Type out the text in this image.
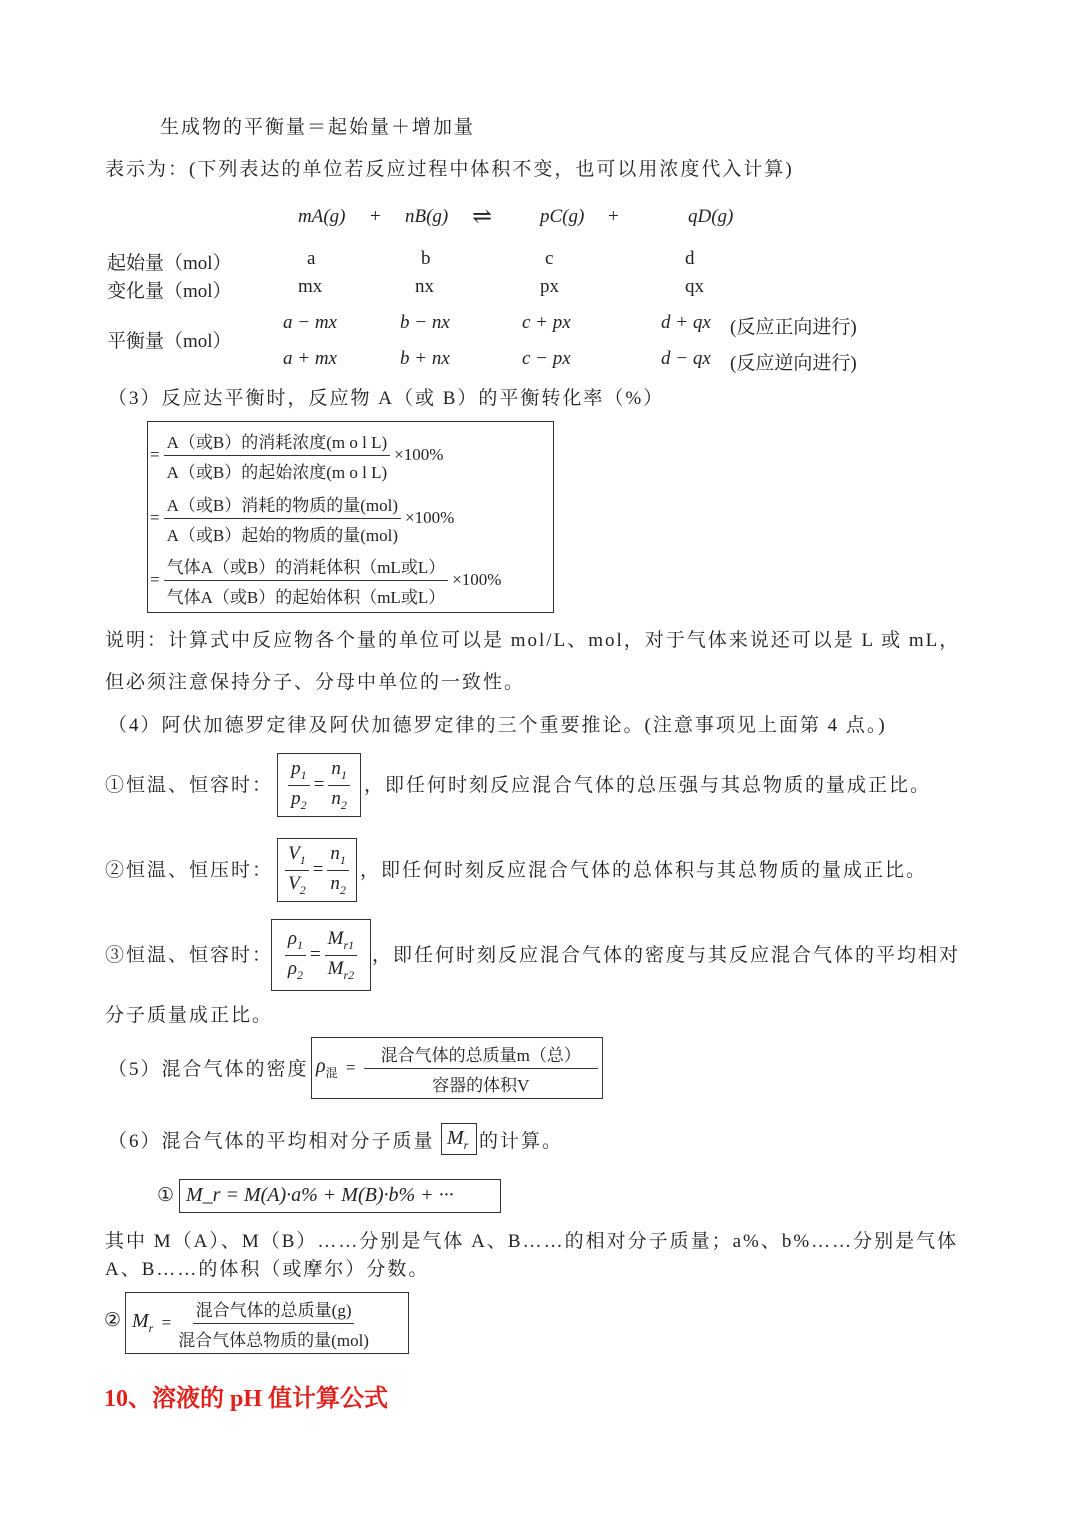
生成物的平衡量＝起始量＋增加量
表示为：(下列表达的单位若反应过程中体积不变，也可以用浓度代入计算)
mA(g) + nB(g) ⇌	pC(g) +	qD(g)
起始量（mol）	a	b	c	d
变化量（mol）	mx	nx	px	qx
平衡量（mol）
a − mx	b − nx	c + px	d + qx (反应正向进行)
a + mx	b + nx	c − px	d − qx (反应逆向进行)
（3）反应达平衡时，反应物 A（或 B）的平衡转化率（%）
= $\frac{\text{A（或B）的消耗浓度(m o l L)}}{\text{A（或B）的起始浓度(m o l L)}} \times 100\%$
= $\frac{\text{A（或B）消耗的物质的量(mol)}}{\text{A（或B）起始的物质的量(mol)}} \times 100\%$
= $\frac{\text{气体A（或B）的消耗体积（mL或L）}}{\text{气体A（或B）的起始体积（mL或L）}} \times 100\%$
说明：计算式中反应物各个量的单位可以是 mol/L、mol，对于气体来说还可以是 L 或 mL，
但必须注意保持分子、分母中单位的一致性。
（4）阿伏加德罗定律及阿伏加德罗定律的三个重要推论。(注意事项见上面第 4 点。)
①恒温、恒容时： $\frac{p_1}{p_2} = \frac{n_1}{n_2}$ ，即任何时刻反应混合气体的总压强与其总物质的量成正比。
②恒温、恒压时： $\frac{V_1}{V_2} = \frac{n_1}{n_2}$ ，即任何时刻反应混合气体的总体积与其总物质的量成正比。
③恒温、恒容时： $\frac{\rho_1}{\rho_2} = \frac{M_{r1}}{M_{r2}}$ ，即任何时刻反应混合气体的密度与其反应混合气体的平均相对
分子质量成正比。
（5）混合气体的密度 $\rho_混 = \frac{\text{混合气体的总质量m（总）}}{\text{容器的体积V}}$
（6）混合气体的平均相对分子质量 $M_r$ 的计算。
① M_r = M(A)·a% + M(B)·b% + ···
其中 M（A）、M（B）……分别是气体 A、B……的相对分子质量；a%、b%……分别是气体
A、B……的体积（或摩尔）分数。
② $M_r = \frac{\text{混合气体的总质量(g)}}{\text{混合气体总物质的量(mol)}}$
10、溶液的 pH 值计算公式
